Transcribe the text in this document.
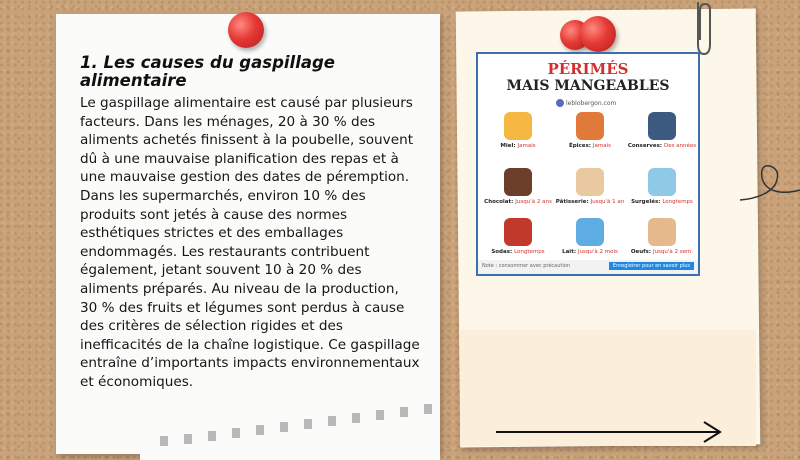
1. Les causes du gaspillage alimentaire
Le gaspillage alimentaire est causé par plusieurs facteurs. Dans les ménages, 20 à 30 % des aliments achetés finissent à la poubelle, souvent dû à une mauvaise planification des repas et à une mauvaise gestion des dates de péremption. Dans les supermarchés, environ 10 % des produits sont jetés à cause des normes esthétiques strictes et des emballages endommagés. Les restaurants contribuent également, jetant souvent 10 à 20 % des aliments préparés. Au niveau de la production, 30 % des fruits et légumes sont perdus à cause des critères de sélection rigides et des inefficacités de la chaîne logistique. Ce gaspillage entraîne d’importants impacts environnementaux et économiques.
PÉRIMÉS
MAIS MANGEABLES
leblobergon.com
Miel: Jamais	Épices: Jamais	Conserves: Des années
Chocolat: Jusqu'à 2 ans Pâtisserie: Jusqu'à 1 an	Surgelés: Longtemps
Sodas: Longtemps	Lait: Jusqu'à 2 mois	Oeufs: Jusqu'à 2 sem.
Note : consommer avec précaution	Enregistrer pour en savoir plus
